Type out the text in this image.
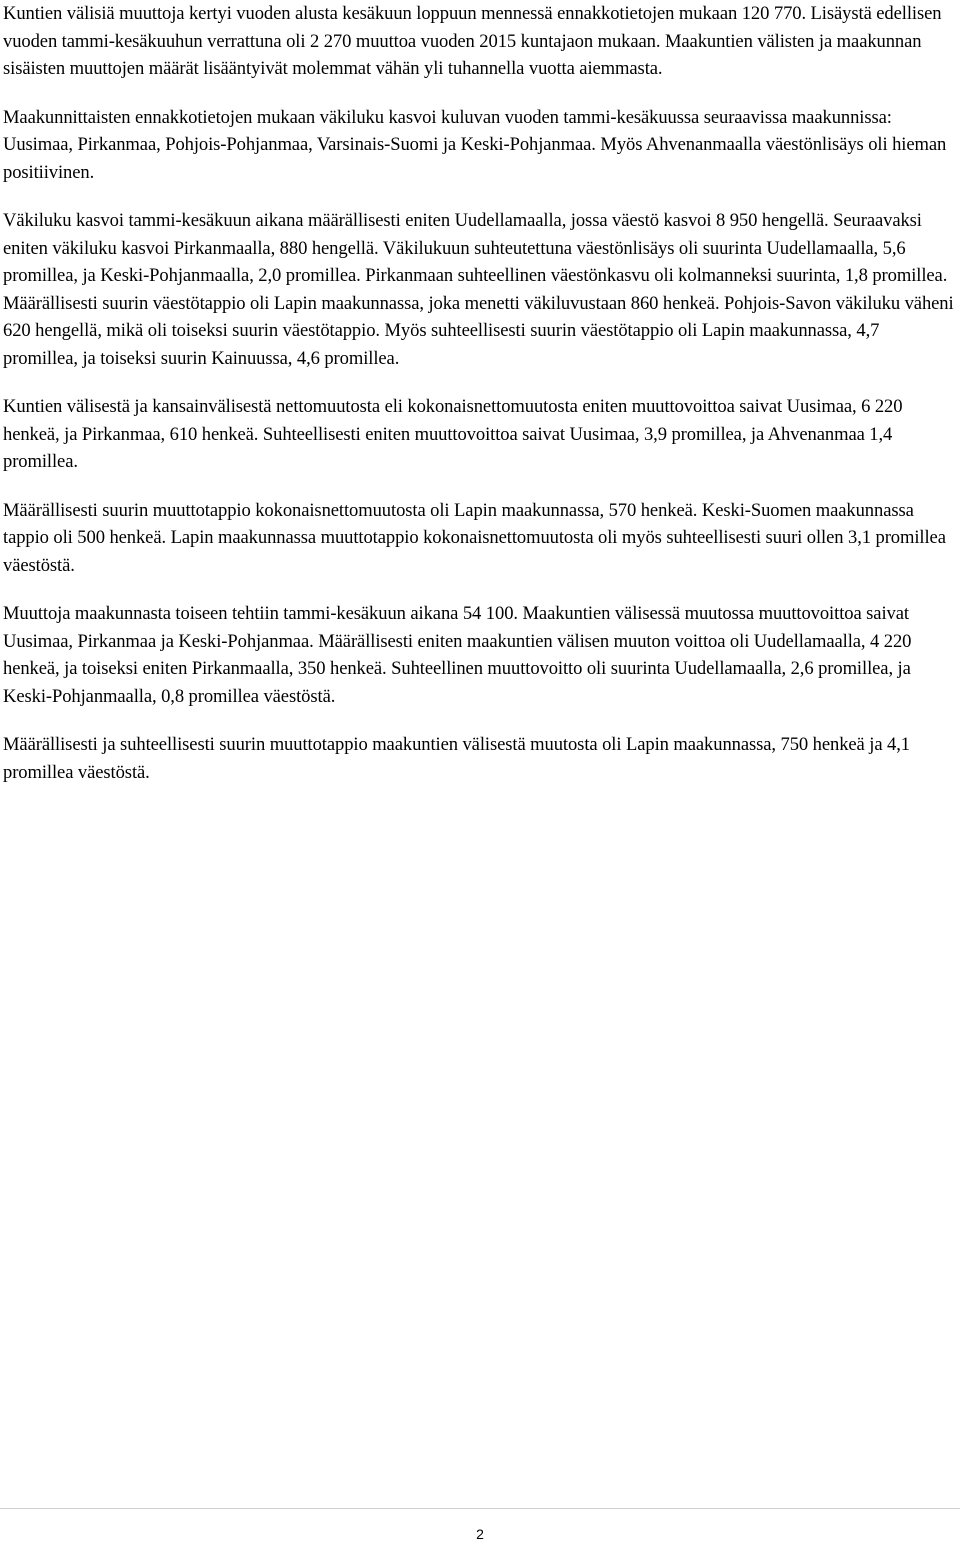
Kuntien välisiä muuttoja kertyi vuoden alusta kesäkuun loppuun mennessä ennakkotietojen mukaan 120 770. Lisäystä edellisen vuoden tammi-kesäkuuhun verrattuna oli 2 270 muuttoa vuoden 2015 kuntajaon mukaan. Maakuntien välisten ja maakunnan sisäisten muuttojen määrät lisääntyivät molemmat vähän yli tuhannella vuotta aiemmasta.

Maakunnittaisten ennakkotietojen mukaan väkiluku kasvoi kuluvan vuoden tammi-kesäkuussa seuraavissa maakunnissa: Uusimaa, Pirkanmaa, Pohjois-Pohjanmaa, Varsinais-Suomi ja Keski-Pohjanmaa. Myös Ahvenanmaalla väestönlisäys oli hieman positiivinen.

Väkiluku kasvoi tammi-kesäkuun aikana määrällisesti eniten Uudellamaalla, jossa väestö kasvoi 8 950 hengellä. Seuraavaksi eniten väkiluku kasvoi Pirkanmaalla, 880 hengellä. Väkilukuun suhteutettuna väestönlisäys oli suurinta Uudellamaalla, 5,6 promillea, ja Keski-Pohjanmaalla, 2,0 promillea. Pirkanmaan suhteellinen väestönkasvu oli kolmanneksi suurinta, 1,8 promillea. Määrällisesti suurin väestötappio oli Lapin maakunnassa, joka menetti väkiluvustaan 860 henkeä. Pohjois-Savon väkiluku väheni 620 hengellä, mikä oli toiseksi suurin väestötappio. Myös suhteellisesti suurin väestötappio oli Lapin maakunnassa, 4,7 promillea, ja toiseksi suurin Kainuussa, 4,6 promillea.

Kuntien välisestä ja kansainvälisestä nettomuutosta eli kokonaisnettomuutosta eniten muuttovoittoa saivat Uusimaa, 6 220 henkeä, ja Pirkanmaa, 610 henkeä. Suhteellisesti eniten muuttovoittoa saivat Uusimaa, 3,9 promillea, ja Ahvenanmaa 1,4 promillea.

Määrällisesti suurin muuttotappio kokonaisnettomuutosta oli Lapin maakunnassa, 570 henkeä. Keski-Suomen maakunnassa tappio oli 500 henkeä. Lapin maakunnassa muuttotappio kokonaisnettomuutosta oli myös suhteellisesti suuri ollen 3,1 promillea väestöstä.

Muuttoja maakunnasta toiseen tehtiin tammi-kesäkuun aikana 54 100. Maakuntien välisessä muutossa muuttovoittoa saivat Uusimaa, Pirkanmaa ja Keski-Pohjanmaa. Määrällisesti eniten maakuntien välisen muuton voittoa oli Uudellamaalla, 4 220 henkeä, ja toiseksi eniten Pirkanmaalla, 350 henkeä. Suhteellinen muuttovoitto oli suurinta Uudellamaalla, 2,6 promillea, ja Keski-Pohjanmaalla, 0,8 promillea väestöstä.

Määrällisesti ja suhteellisesti suurin muuttotappio maakuntien välisestä muutosta oli Lapin maakunnassa, 750 henkeä ja 4,1 promillea väestöstä.

2
